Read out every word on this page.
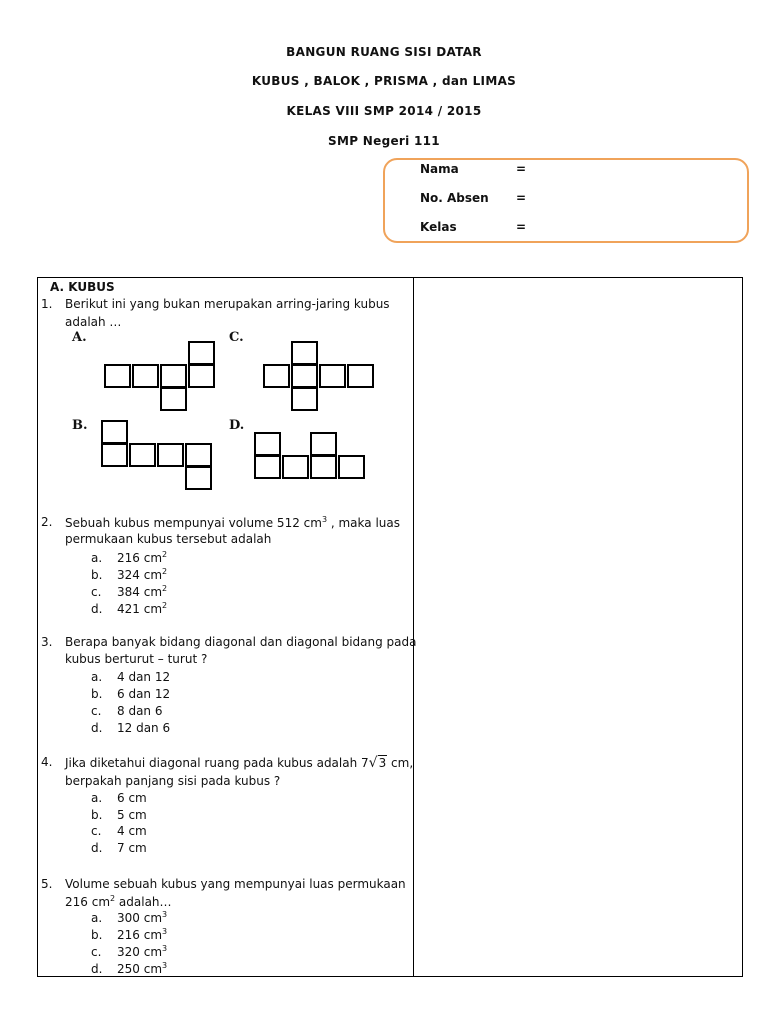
BANGUN RUANG SISI DATAR
KUBUS , BALOK , PRISMA , dan LIMAS
KELAS VIII SMP 2014 / 2015
SMP Negeri 111
Nama	=
No. Absen =
Kelas	=
A. KUBUS
1. Berikut ini yang bukan merupakan arring-jaring kubus
adalah …
A.	C.
B.	D.
2. Sebuah kubus mempunyai volume 512 $cm^3$ , maka luas
permukaan kubus tersebut adalah
a. 216 $cm^2$
b. 324 $cm^2$
c. 384 $cm^2$
d. 421 $cm^2$
3. Berapa banyak bidang diagonal dan diagonal bidang pada
kubus berturut – turut ?
a. 4 dan 12
b. 6 dan 12
c. 8 dan 6
d. 12 dan 6
4. Jika diketahui diagonal ruang pada kubus adalah 7√3 cm,
berpakah panjang sisi pada kubus ?
a. 6 cm
b. 5 cm
c. 4 cm
d. 7 cm
5. Volume sebuah kubus yang mempunyai luas permukaan
216 $cm^2$ adalah…
a. 300 $cm^3$
b. 216 $cm^3$
c. 320 $cm^3$
d. 250 $cm^3$
